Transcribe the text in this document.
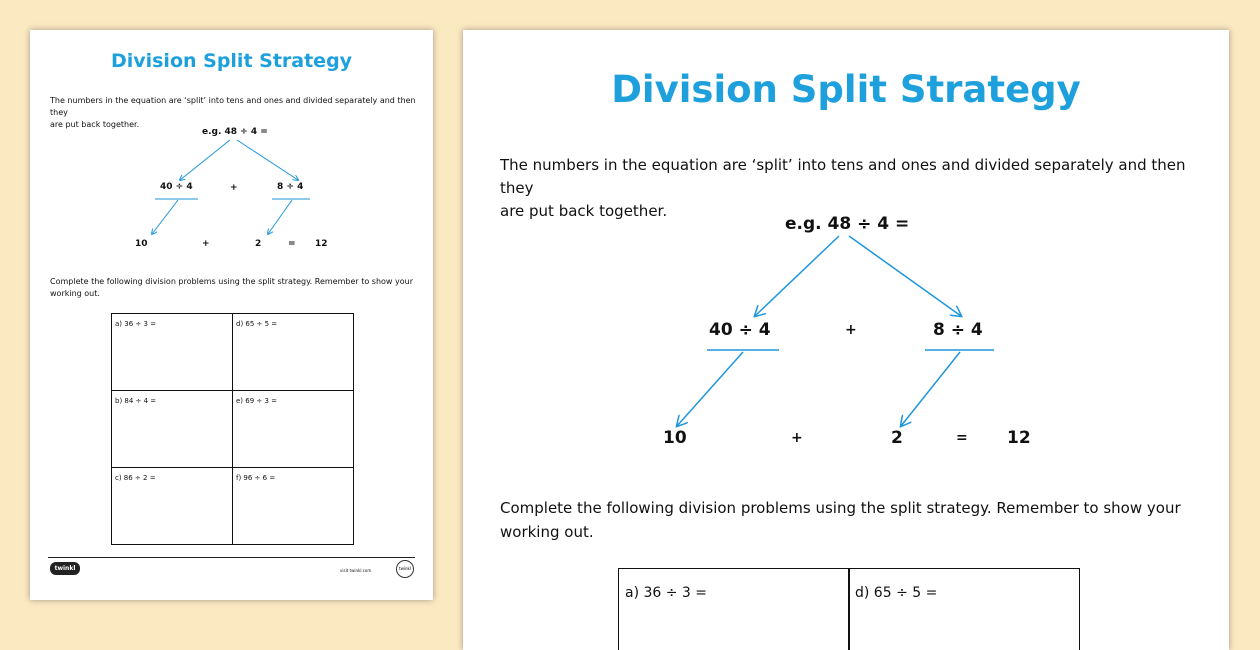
Division Split Strategy
The numbers in the equation are ‘split’ into tens and ones and divided separately and then they
are put back together.
e.g. 48 ÷ 4 =
40 ÷ 4	+	8 ÷ 4
10	+	2	= 12
Complete the following division problems using the split strategy. Remember to show your
working out.
a) 36 ÷ 3 =	d) 65 ÷ 5 =
b) 84 ÷ 4 =	e) 69 ÷ 3 =
c) 86 ÷ 2 =	f) 96 ÷ 6 =
twinkl	visit twinkl.com	twinkl
Division Split Strategy
The numbers in the equation are ‘split’ into tens and ones and divided separately and then they
are put back together.
e.g. 48 ÷ 4 =
40 ÷ 4	+	8 ÷ 4
10	+	2	= 12
Complete the following division problems using the split strategy. Remember to show your
working out.
a) 36 ÷ 3 =	d) 65 ÷ 5 =
